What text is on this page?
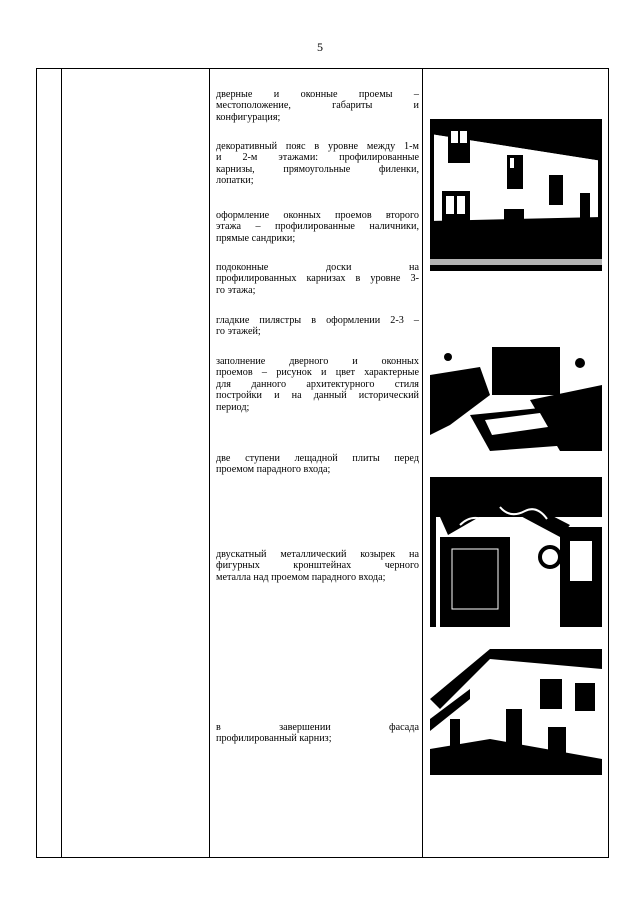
5
дверные и оконные проемы –
местоположение, габариты и
конфигурация;
декоративный пояс в уровне между 1-м
и 2-м этажами: профилированные
карнизы, прямоугольные филенки,
лопатки;
оформление оконных проемов второго
этажа – профилированные наличники,
прямые сандрики;
подоконные доски на
профилированных карнизах в уровне 3-
го этажа;
гладкие пилястры в оформлении 2-3 –
го этажей;
заполнение дверного и оконных
проемов – рисунок и цвет характерные
для данного архитектурного стиля
постройки и на данный исторический
период;
две ступени лещадной плиты перед
проемом парадного входа;
двускатный металлический козырек на
фигурных кронштейнах черного
металла над проемом парадного входа;
в завершении фасада
профилированный карниз;
